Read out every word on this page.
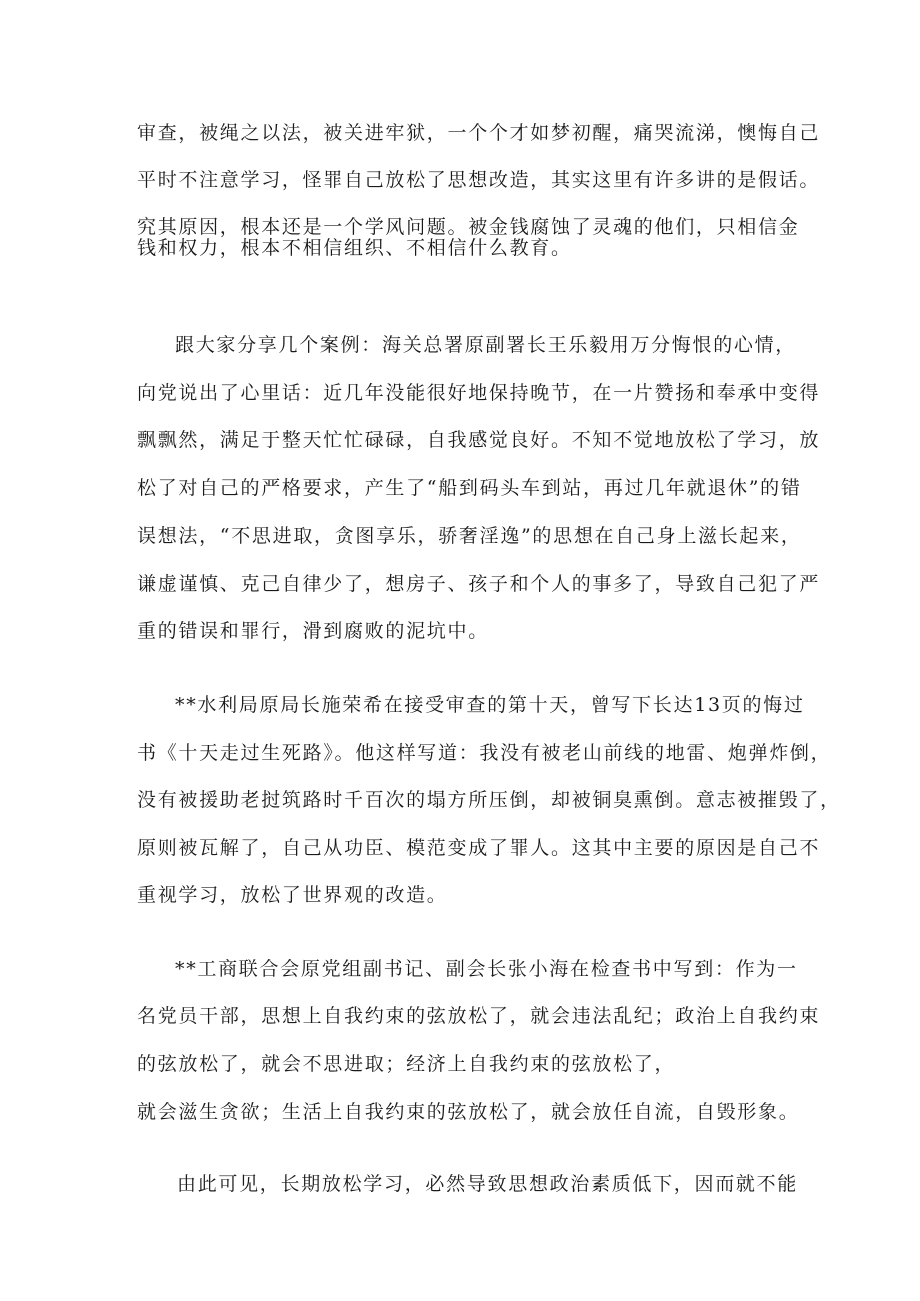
审查，被绳之以法，被关进牢狱，一个个才如梦初醒，痛哭流涕，懊悔自己

平时不注意学习，怪罪自己放松了思想改造，其实这里有许多讲的是假话。

究其原因，根本还是一个学风问题。被金钱腐蚀了灵魂的他们，只相信金

钱和权力，根本不相信组织、不相信什么教育。

跟大家分享几个案例：海关总署原副署长王乐毅用万分悔恨的心情，

向党说出了心里话：近几年没能很好地保持晚节，在一片赞扬和奉承中变得

飘飘然，满足于整天忙忙碌碌，自我感觉良好。不知不觉地放松了学习，放

松了对自己的严格要求，产生了“船到码头车到站，再过几年就退休”的错

误想法，“不思进取，贪图享乐，骄奢淫逸”的思想在自己身上滋长起来，

谦虚谨慎、克己自律少了，想房子、孩子和个人的事多了，导致自己犯了严

重的错误和罪行，滑到腐败的泥坑中。

**水利局原局长施荣希在接受审查的第十天，曾写下长达13页的悔过

书《十天走过生死路》。他这样写道：我没有被老山前线的地雷、炮弹炸倒，

没有被援助老挝筑路时千百次的塌方所压倒，却被铜臭熏倒。意志被摧毁了，

原则被瓦解了，自己从功臣、模范变成了罪人。这其中主要的原因是自己不

重视学习，放松了世界观的改造。

**工商联合会原党组副书记、副会长张小海在检查书中写到：作为一

名党员干部，思想上自我约束的弦放松了，就会违法乱纪；政治上自我约束

的弦放松了，就会不思进取；经济上自我约束的弦放松了，

就会滋生贪欲；生活上自我约束的弦放松了，就会放任自流，自毁形象。

由此可见，长期放松学习，必然导致思想政治素质低下，因而就不能
